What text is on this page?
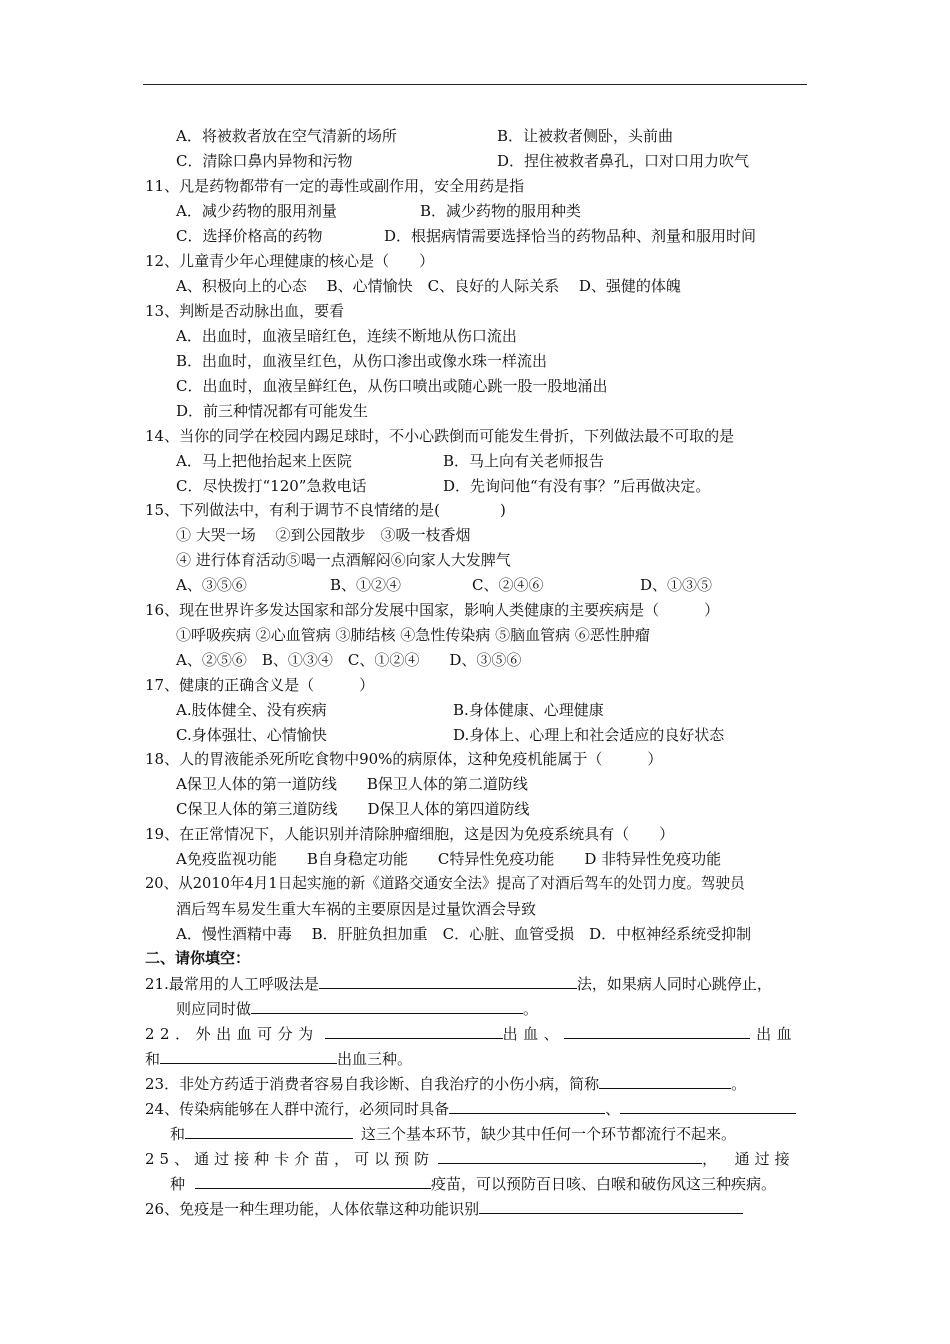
A．将被救者放在空气清新的场所	B．让被救者侧卧，头前曲
C．清除口鼻内异物和污物	D．捏住被救者鼻孔，口对口用力吹气
11、凡是药物都带有一定的毒性或副作用，安全用药是指
A．减少药物的服用剂量	B．减少药物的服用种类
C．选择价格高的药物	D．根据病情需要选择恰当的药物品种、剂量和服用时间
12、儿童青少年心理健康的核心是（　　）
A、积极向上的心态　 B、心情愉快　C、良好的人际关系　 D、强健的体魄
13、判断是否动脉出血，要看
A．出血时，血液呈暗红色，连续不断地从伤口流出
B．出血时，血液呈红色，从伤口渗出或像水珠一样流出
C．出血时，血液呈鲜红色，从伤口喷出或随心跳一股一股地涌出
D．前三种情况都有可能发生
14、当你的同学在校园内踢足球时，不小心跌倒而可能发生骨折，下列做法最不可取的是
A．马上把他抬起来上医院	B．马上向有关老师报告
C．尽快拨打“120”急救电话	D．先询问他“有没有事？”后再做决定。
15、下列做法中，有利于调节不良情绪的是(　　　　)
① 大哭一场　 ②到公园散步　③吸一枝香烟
④ 进行体育活动⑤喝一点酒解闷⑥向家人大发脾气
A、③⑤⑥	B、①②④	C、②④⑥	D、①③⑤
16、现在世界许多发达国家和部分发展中国家，影响人类健康的主要疾病是（　　　）
①呼吸疾病 ②心血管病 ③肺结核 ④急性传染病 ⑤脑血管病 ⑥恶性肿瘤
A、②⑤⑥　B、①③④　C、①②④　　D、③⑤⑥
17、健康的正确含义是（　　　）
A.肢体健全、没有疾病	B.身体健康、心理健康
C.身体强壮、心情愉快	D.身体上、心理上和社会适应的良好状态
18、人的胃液能杀死所吃食物中90%的病原体，这种免疫机能属于（　　　）
A保卫人体的第一道防线　　B保卫人体的第二道防线
C保卫人体的第三道防线　　D保卫人体的第四道防线
19、在正常情况下，人能识别并清除肿瘤细胞，这是因为免疫系统具有（　　）
A免疫监视功能　　B自身稳定功能　　C特异性免疫功能　　D 非特异性免疫功能
20、从2010年4月1日起实施的新《道路交通安全法》提高了对酒后驾车的处罚力度。驾驶员
酒后驾车易发生重大车祸的主要原因是过量饮酒会导致
A．慢性酒精中毒　 B．肝脏负担加重　C．心脏、血管受损　D．中枢神经系统受抑制
二、请你填空：
21.最常用的人工呼吸法是	法，如果病人同时心跳停止，
则应同时做	。
22．外出血可分为	出血、	出血
和	出血三种。
23．非处方药适于消费者容易自我诊断、自我治疗的小伤小病，简称	。
24、传染病能够在人群中流行，必须同时具备	、
和	这三个基本环节，缺少其中任何一个环节都流行不起来。
25、通过接种卡介苗，可以预防	，　通过接
种	疫苗，可以预防百日咳、白喉和破伤风这三种疾病。
26、免疫是一种生理功能，人体依靠这种功能识别
